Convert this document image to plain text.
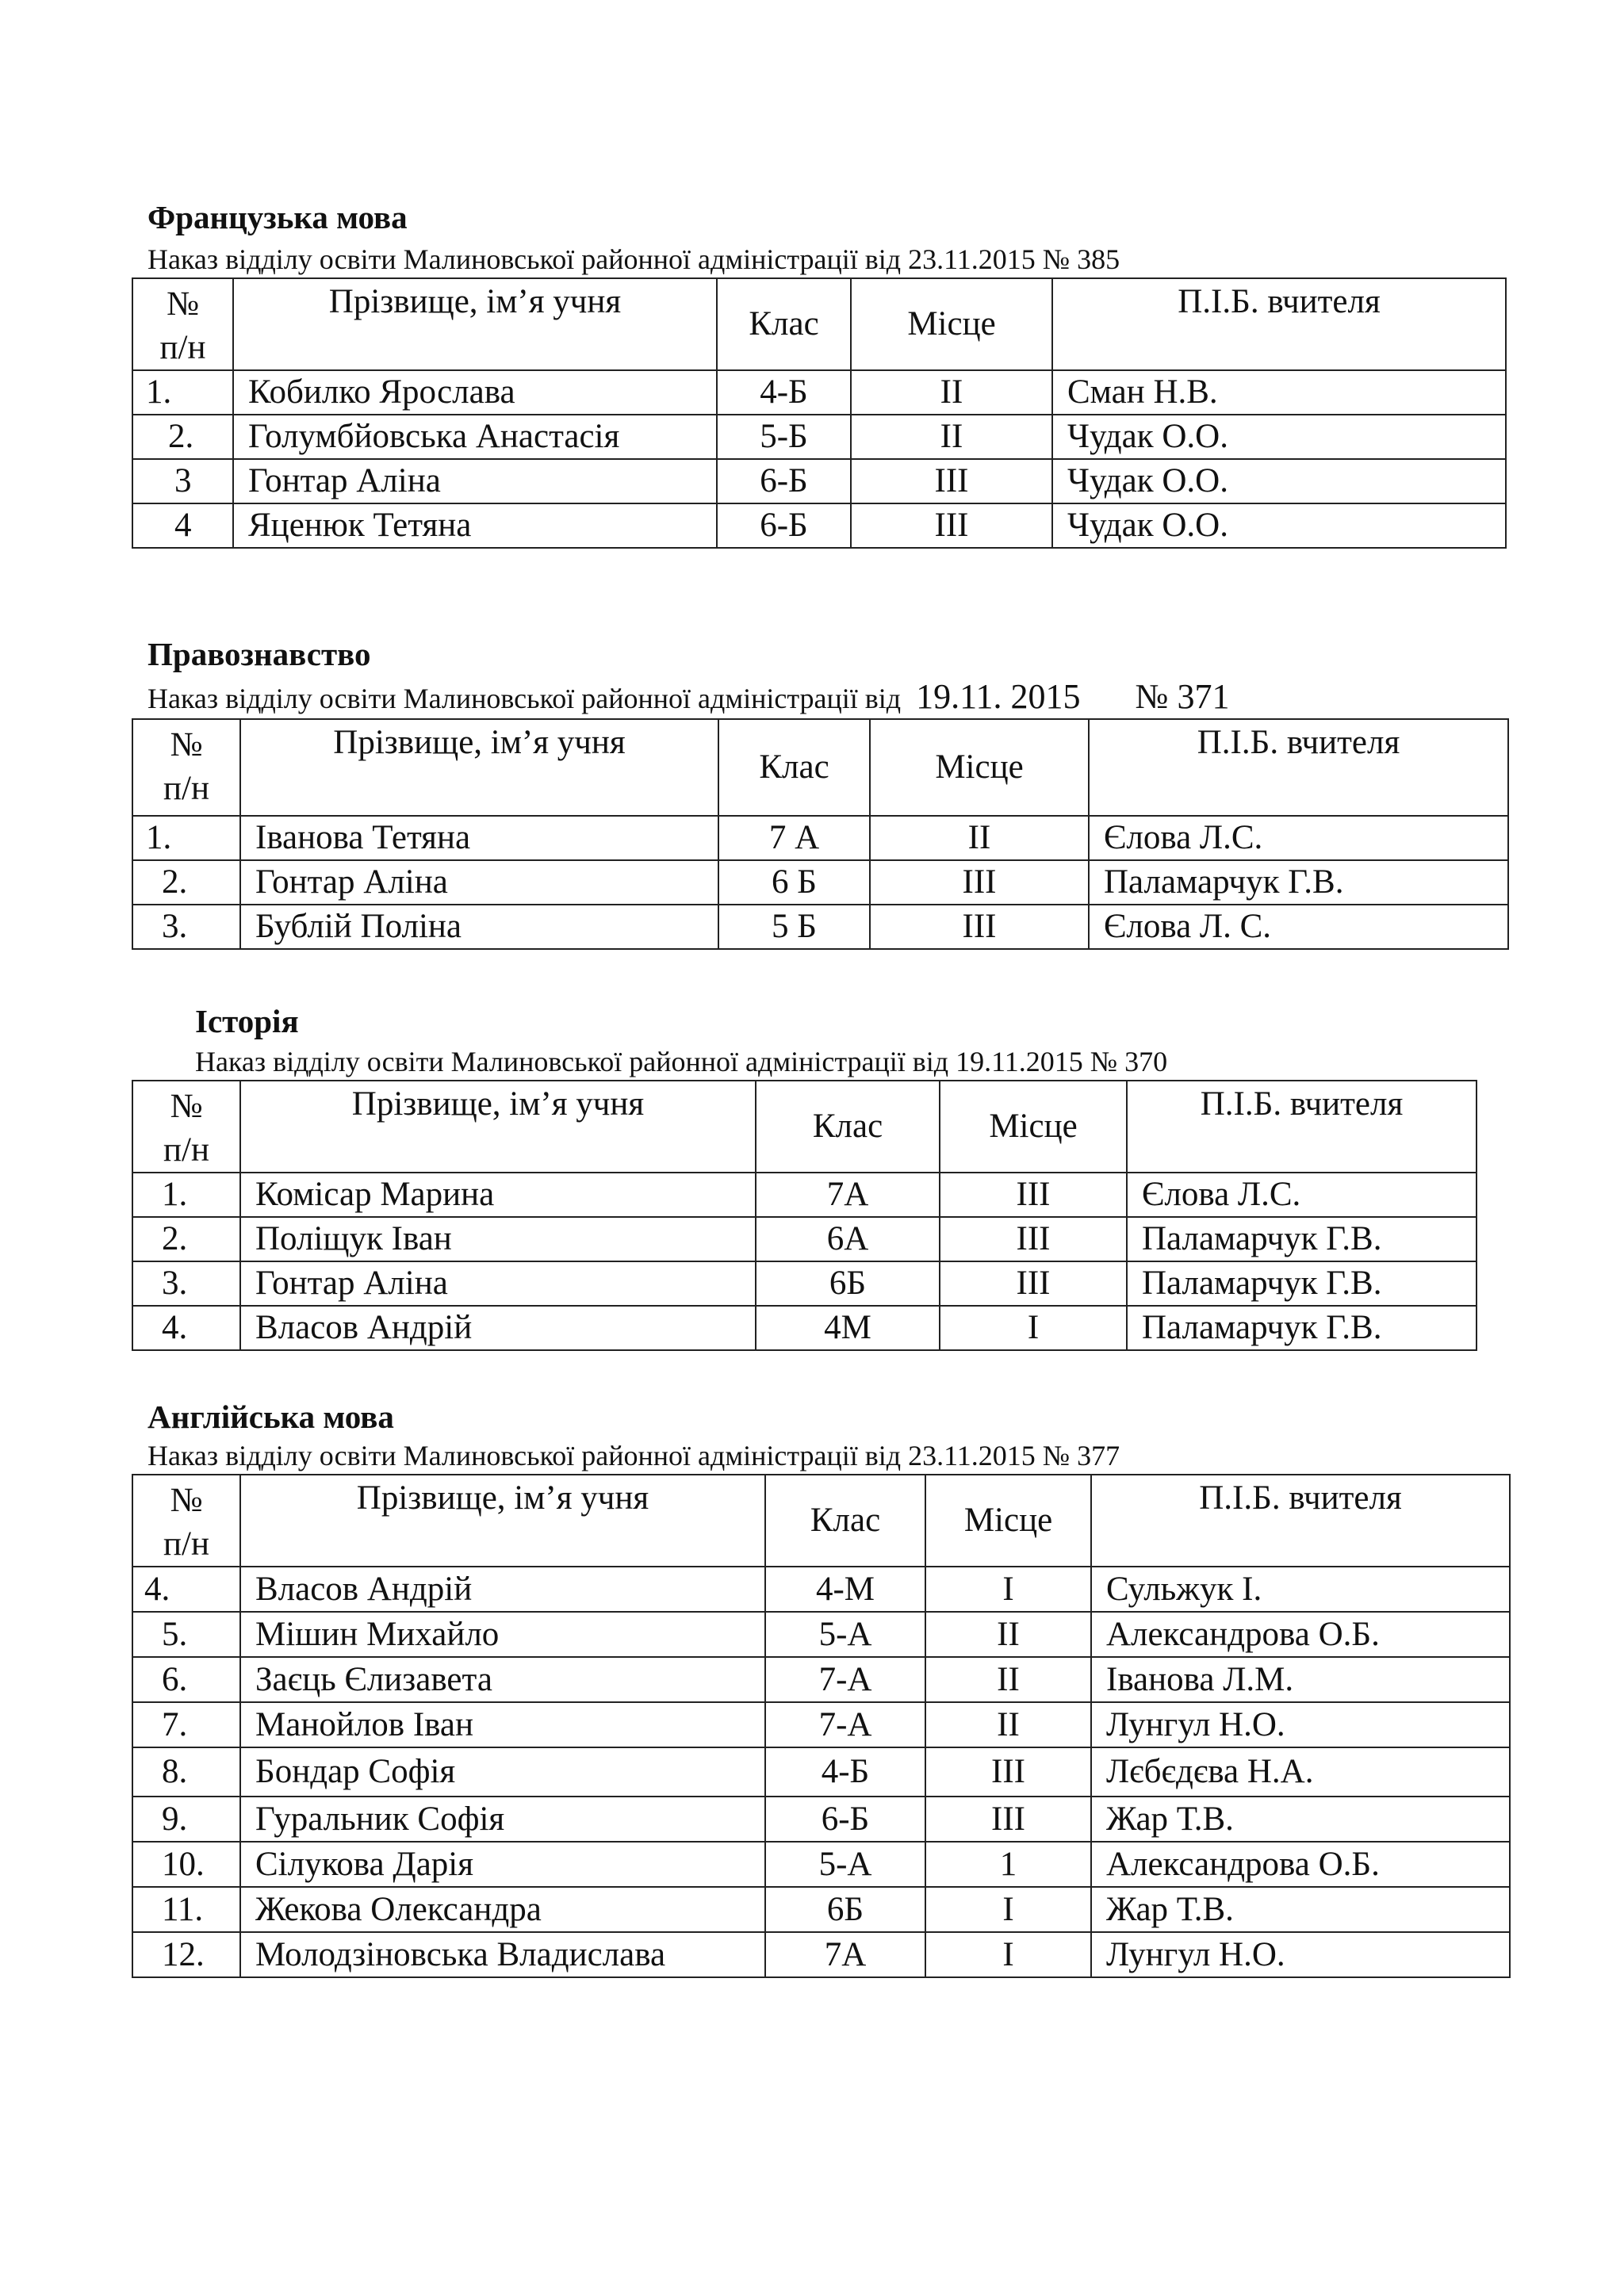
Французька мова
Наказ відділу освіти Малиновської районної адміністрації від 23.11.2015 № 385
№
п/н	Прізвище, ім’я учня	Клас	Місце	П.І.Б. вчителя
1.	Кобилко Ярослава	4-Б	II	Сман Н.В.
2.	Голумбйовська Анастасія	5-Б	II	Чудак О.О.
3	Гонтар Аліна	6-Б	III	Чудак О.О.
4	Яценюк Тетяна	6-Б	III	Чудак О.О.
Правознавство
Наказ відділу освіти Малиновської районної адміністрації від 19.11. 2015 № 371
№
п/н	Прізвище, ім’я учня	Клас	Місце	П.І.Б. вчителя
1.	Іванова Тетяна	7 А	II	Єлова Л.С.
2.	Гонтар Аліна	6 Б	III	Паламарчук Г.В.
3.	Бублій Поліна	5 Б	III	Єлова Л. С.
Історія
Наказ відділу освіти Малиновської районної адміністрації від 19.11.2015 № 370
№
п/н	Прізвище, ім’я учня	Клас	Місце	П.І.Б. вчителя
1.	Комісар Марина	7А	III	Єлова Л.С.
2.	Поліщук Іван	6А	III	Паламарчук Г.В.
3.	Гонтар Аліна	6Б	III	Паламарчук Г.В.
4.	Власов Андрій	4М	I	Паламарчук Г.В.
Англійська мова
Наказ відділу освіти Малиновської районної адміністрації від 23.11.2015 № 377
№
п/н	Прізвище, ім’я учня	Клас	Місце	П.І.Б. вчителя
4.	Власов Андрій	4-М	I	Сульжук І.
5.	Мішин Михайло	5-А	II	Александрова О.Б.
6.	Заєць Єлизавета	7-А	II	Іванова Л.М.
7.	Манойлов Іван	7-А	II	Лунгул Н.О.
8.	Бондар Софія	4-Б	III	Лєбєдєва Н.А.
9.	Гуральник Софія	6-Б	III	Жар Т.В.
10.	Сілукова Дарія	5-А	1	Александрова О.Б.
11.	Жекова Олександра	6Б	I	Жар Т.В.
12.	Молодзіновська Владислава	7А	I	Лунгул Н.О.
